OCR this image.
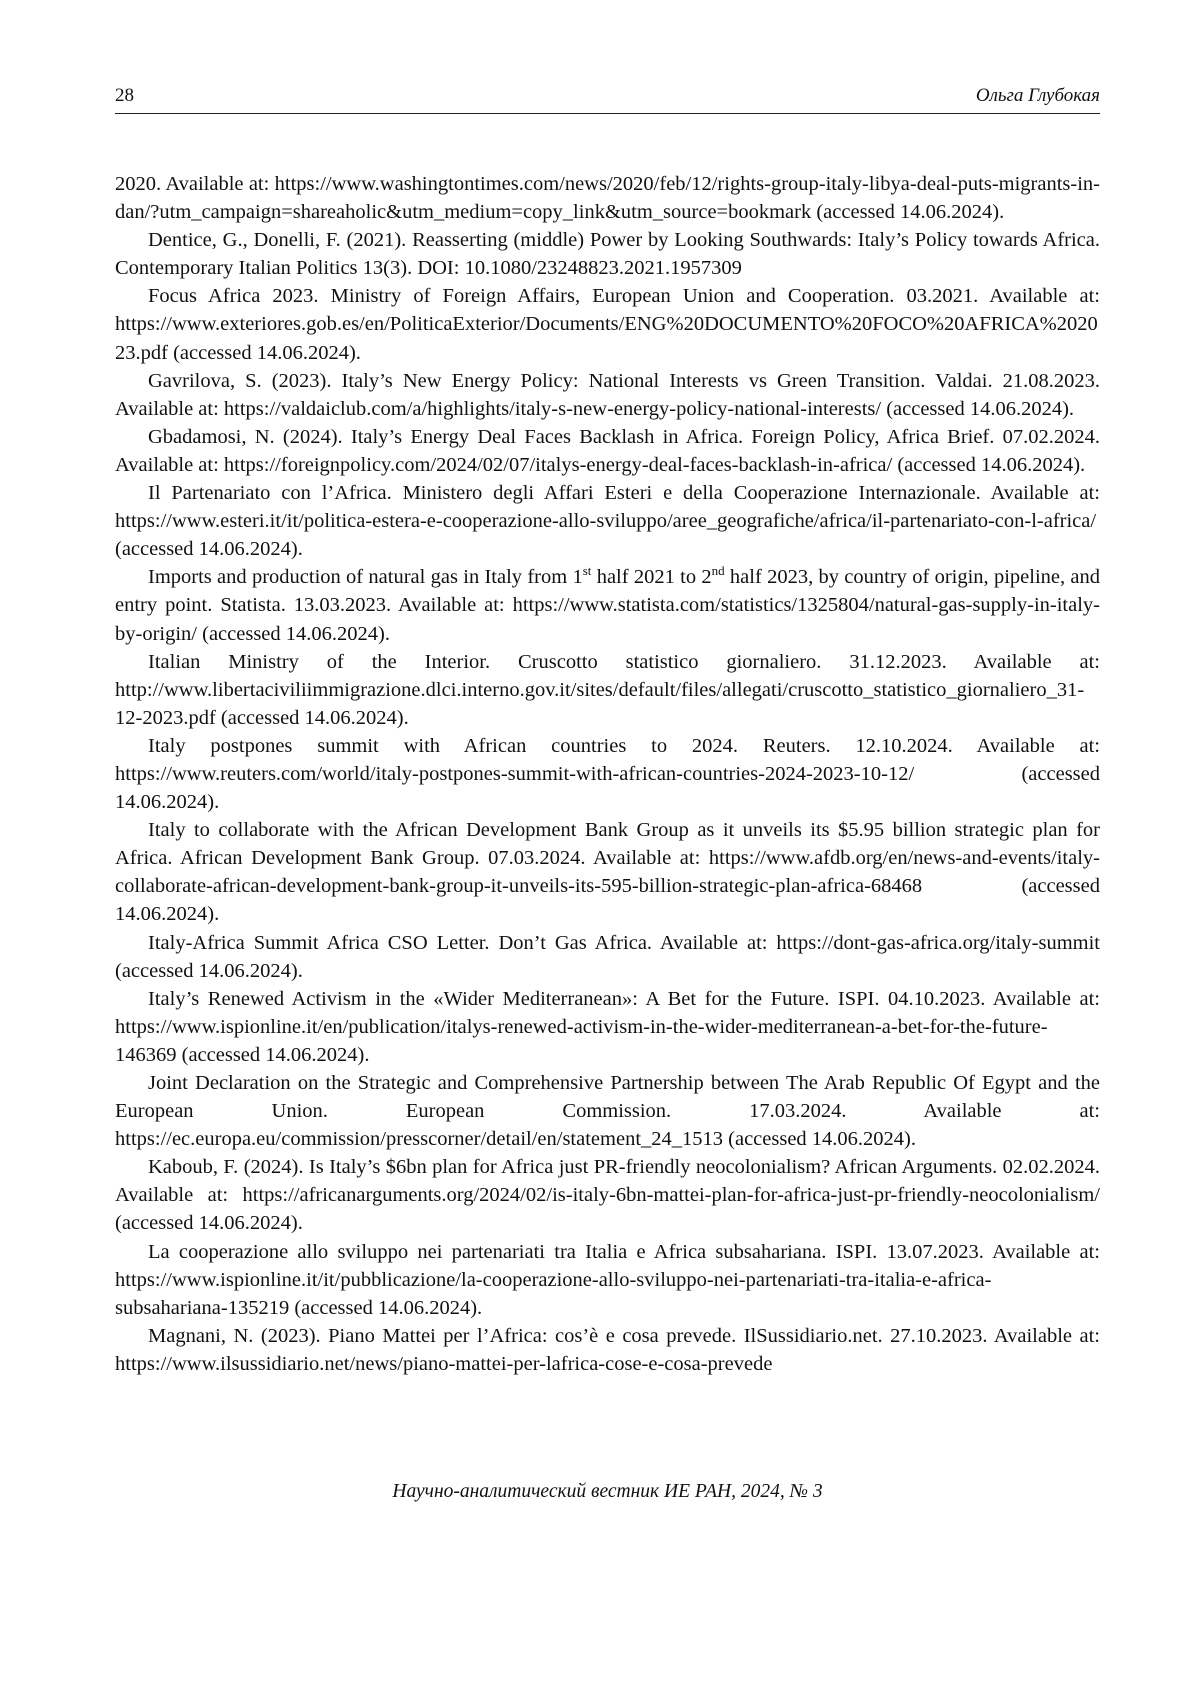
28	Ольга Глубокая

2020. Available at: https://www.washingtontimes.com/news/2020/feb/12/rights-group-italy-libya-deal-puts-migrants-in-dan/?utm_campaign=shareaholic&utm_medium=copy_link&utm_source=bookmark (accessed 14.06.2024).

Dentice, G., Donelli, F. (2021). Reasserting (middle) Power by Looking Southwards: Italy’s Policy towards Africa. Contemporary Italian Politics 13(3). DOI: 10.1080/23248823.2021.1957309

Focus Africa 2023. Ministry of Foreign Affairs, European Union and Cooperation. 03.2021. Available at: https://www.exteriores.gob.es/en/PoliticaExterior/Documents/ENG%20DOCUMENTO%20FOCO%20AFRICA%202023.pdf (accessed 14.06.2024).

Gavrilova, S. (2023). Italy’s New Energy Policy: National Interests vs Green Transition. Valdai. 21.08.2023. Available at: https://valdaiclub.com/a/highlights/italy-s-new-energy-policy-national-interests/ (accessed 14.06.2024).

Gbadamosi, N. (2024). Italy’s Energy Deal Faces Backlash in Africa. Foreign Policy, Africa Brief. 07.02.2024. Available at: https://foreignpolicy.com/2024/02/07/italys-energy-deal-faces-backlash-in-africa/ (accessed 14.06.2024).

Il Partenariato con l’Africa. Ministero degli Affari Esteri e della Cooperazione Internazionale. Available at: https://www.esteri.it/it/politica-estera-e-cooperazione-allo-sviluppo/aree_geografiche/africa/il-partenariato-con-l-africa/ (accessed 14.06.2024).

Imports and production of natural gas in Italy from 1st half 2021 to 2nd half 2023, by country of origin, pipeline, and entry point. Statista. 13.03.2023. Available at: https://www.statista.com/statistics/1325804/natural-gas-supply-in-italy-by-origin/ (accessed 14.06.2024).

Italian Ministry of the Interior. Cruscotto statistico giornaliero. 31.12.2023. Available at: http://www.libertaciviliimmigrazione.dlci.interno.gov.it/sites/default/files/allegati/cruscotto_statistico_giornaliero_31-12-2023.pdf (accessed 14.06.2024).

Italy postpones summit with African countries to 2024. Reuters. 12.10.2024. Available at: https://www.reuters.com/world/italy-postpones-summit-with-african-countries-2024-2023-10-12/ (accessed 14.06.2024).

Italy to collaborate with the African Development Bank Group as it unveils its $5.95 billion strategic plan for Africa. African Development Bank Group. 07.03.2024. Available at: https://www.afdb.org/en/news-and-events/italy-collaborate-african-development-bank-group-it-unveils-its-595-billion-strategic-plan-africa-68468 (accessed 14.06.2024).

Italy-Africa Summit Africa CSO Letter. Don’t Gas Africa. Available at: https://dont-gas-africa.org/italy-summit (accessed 14.06.2024).

Italy’s Renewed Activism in the «Wider Mediterranean»: A Bet for the Future. ISPI. 04.10.2023. Available at: https://www.ispionline.it/en/publication/italys-renewed-activism-in-the-wider-mediterranean-a-bet-for-the-future-146369 (accessed 14.06.2024).

Joint Declaration on the Strategic and Comprehensive Partnership between The Arab Republic Of Egypt and the European Union. European Commission. 17.03.2024. Available at: https://ec.europa.eu/commission/presscorner/detail/en/statement_24_1513 (accessed 14.06.2024).

Kaboub, F. (2024). Is Italy’s $6bn plan for Africa just PR-friendly neocolonialism? African Arguments. 02.02.2024. Available at: https://africanarguments.org/2024/02/is-italy-6bn-mattei-plan-for-africa-just-pr-friendly-neocolonialism/ (accessed 14.06.2024).

La cooperazione allo sviluppo nei partenariati tra Italia e Africa subsahariana. ISPI. 13.07.2023. Available at: https://www.ispionline.it/it/pubblicazione/la-cooperazione-allo-sviluppo-nei-partenariati-tra-italia-e-africa-subsahariana-135219 (accessed 14.06.2024).

Magnani, N. (2023). Piano Mattei per l’Africa: cos’è e cosa prevede. IlSussidiario.net. 27.10.2023. Available at: https://www.ilsussidiario.net/news/piano-mattei-per-lafrica-cose-e-cosa-prevede

Научно-аналитический вестник ИЕ РАН, 2024, № 3
